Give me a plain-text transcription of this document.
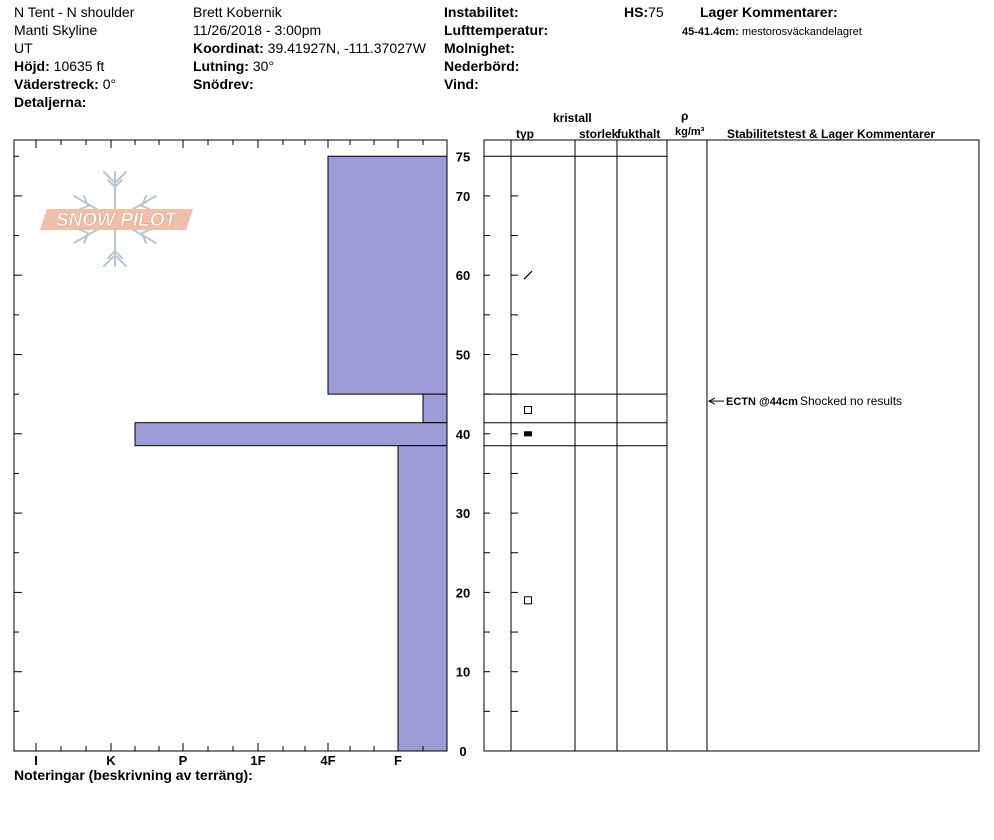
N Tent - N shoulder
Manti Skyline
UT
Höjd: 10635 ft
Väderstreck: 0°
Detaljerna:
Brett Kobernik
11/26/2018 - 3:00pm
Koordinat: 39.41927N, -111.37027W
Lutning: 30°
Snödrev:
Instabilitet:
Lufttemperatur:
Molnighet:
Nederbörd:
Vind:
HS:75	Lager Kommentarer:
45-41.4cm: mestorosväckandelagret
kristall	ρ
typ	storlek
fukthalt kg/m³ Stabilitetstest & Lager Kommentarer
SNOW PILOT
I	K	P	1F	4F	F
0
10
20
30
40
50
60
70
75
ECTN @44cm Shocked no results
Noteringar (beskrivning av terräng):
